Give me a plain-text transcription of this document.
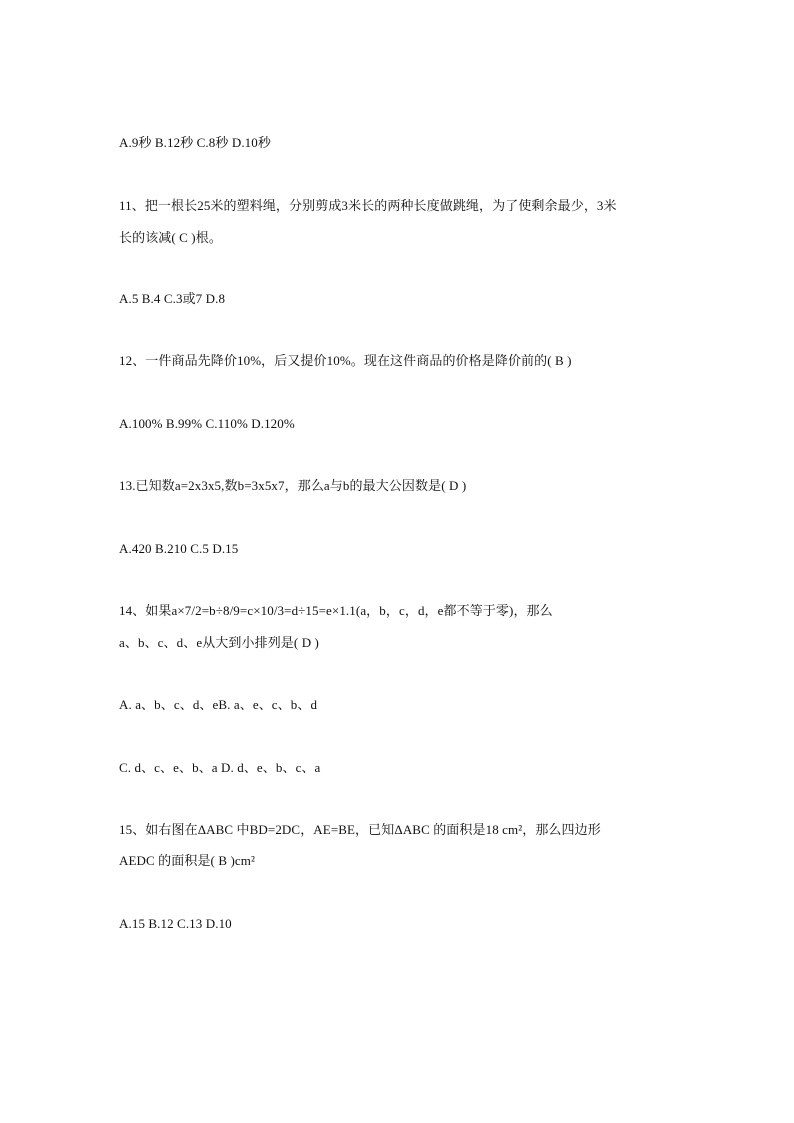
A.9秒 B.12秒 C.8秒 D.10秒

11、把一根长25米的塑料绳，分别剪成3米长的两种长度做跳绳，为了使剩余最少，3米

长的该减( C )根。

A.5 B.4 C.3或7 D.8

12、一件商品先降价10%，后又提价10%。现在这件商品的价格是降价前的( B )

A.100% B.99% C.110% D.120%

13.已知数a=2x3x5,数b=3x5x7，那么a与b的最大公因数是( D )

A.420 B.210 C.5 D.15

14、如果a×7/2=b÷8/9=c×10/3=d÷15=e×1.1(a，b，c，d，e都不等于零)，那么

a、b、c、d、e从大到小排列是( D )

A. a、b、c、d、eB. a、e、c、b、d

C. d、c、e、b、a D. d、e、b、c、a

15、如右图在ΔABC 中BD=2DC，AE=BE，已知ΔABC 的面积是18 cm²，那么四边形

AEDC 的面积是( B )cm²

A.15 B.12 C.13 D.10
